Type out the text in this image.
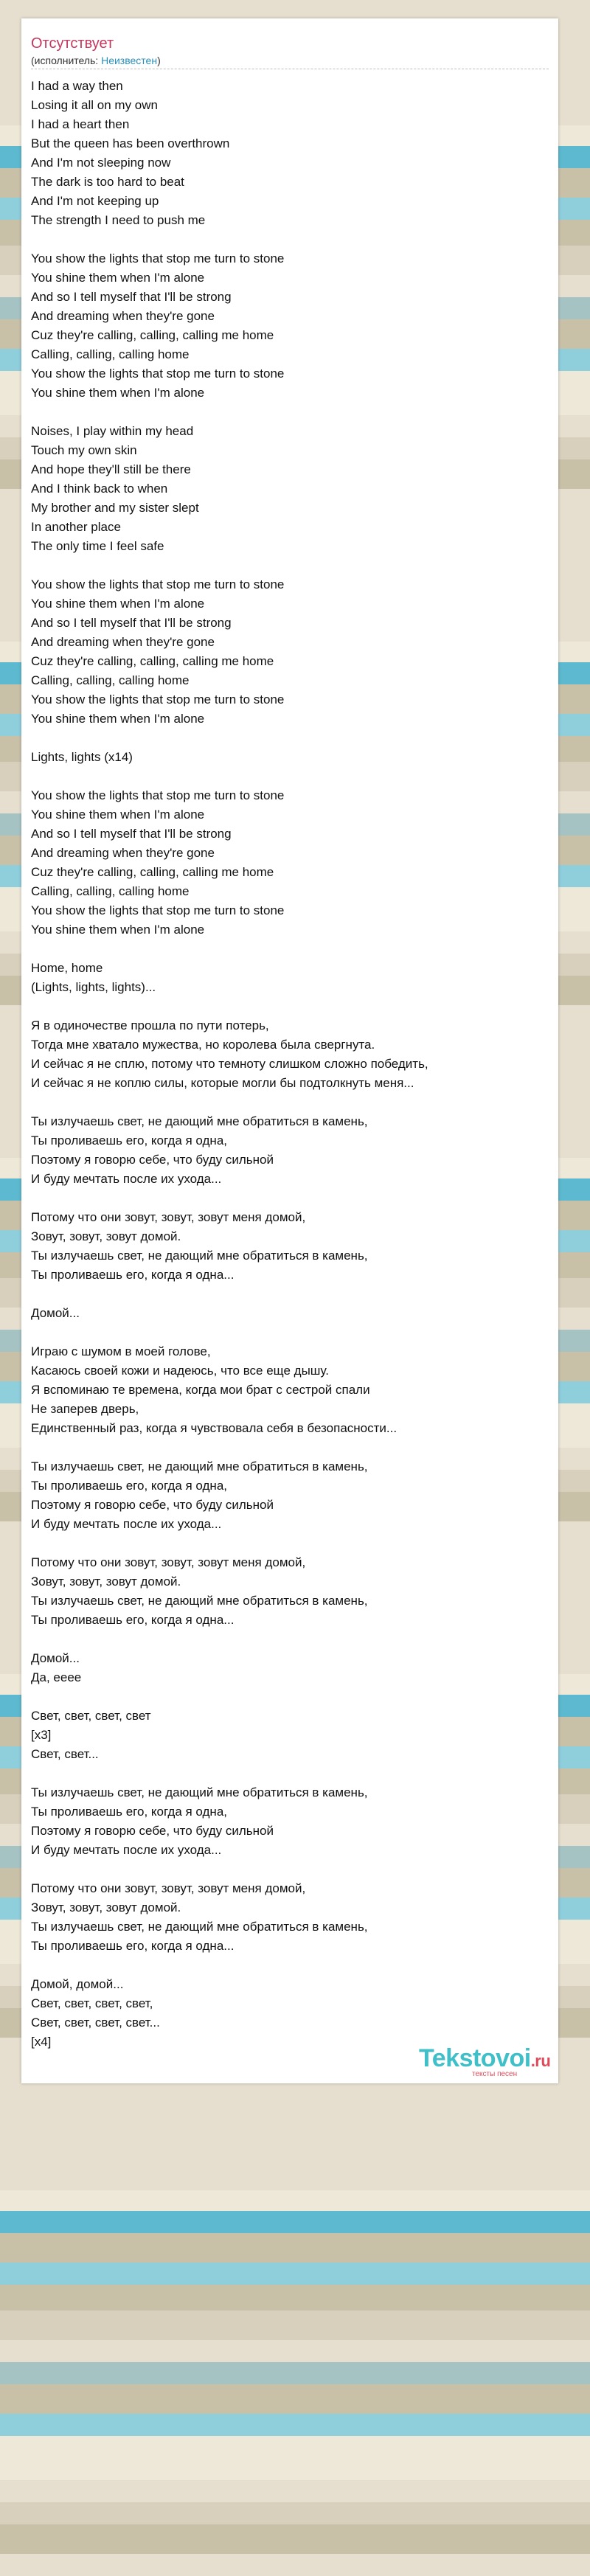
Отсутствует
(исполнитель: Неизвестен)
I had a way then
Losing it all on my own
I had a heart then
But the queen has been overthrown
And I'm not sleeping now
The dark is too hard to beat
And I'm not keeping up
The strength I need to push me
You show the lights that stop me turn to stone
You shine them when I'm alone
And so I tell myself that I'll be strong
And dreaming when they're gone
Cuz they're calling, calling, calling me home
Calling, calling, calling home
You show the lights that stop me turn to stone
You shine them when I'm alone
Noises, I play within my head
Touch my own skin
And hope they'll still be there
And I think back to when
My brother and my sister slept
In another place
The only time I feel safe
You show the lights that stop me turn to stone
You shine them when I'm alone
And so I tell myself that I'll be strong
And dreaming when they're gone
Cuz they're calling, calling, calling me home
Calling, calling, calling home
You show the lights that stop me turn to stone
You shine them when I'm alone
Lights, lights (x14)
You show the lights that stop me turn to stone
You shine them when I'm alone
And so I tell myself that I'll be strong
And dreaming when they're gone
Cuz they're calling, calling, calling me home
Calling, calling, calling home
You show the lights that stop me turn to stone
You shine them when I'm alone
Home, home
(Lights, lights, lights)...
Я в одиночестве прошла по пути потерь,
Тогда мне хватало мужества, но королева была свергнута.
И сейчас я не сплю, потому что темноту слишком сложно победить,
И сейчас я не коплю силы, которые могли бы подтолкнуть меня...
Ты излучаешь свет, не дающий мне обратиться в камень,
Ты проливаешь его, когда я одна,
Поэтому я говорю себе, что буду сильной
И буду мечтать после их ухода...
Потому что они зовут, зовут, зовут меня домой,
Зовут, зовут, зовут домой.
Ты излучаешь свет, не дающий мне обратиться в камень,
Ты проливаешь его, когда я одна...
Домой...
Играю с шумом в моей голове,
Касаюсь своей кожи и надеюсь, что все еще дышу.
Я вспоминаю те времена, когда мои брат с сестрой спали
Не заперев дверь,
Единственный раз, когда я чувствовала себя в безопасности...
Ты излучаешь свет, не дающий мне обратиться в камень,
Ты проливаешь его, когда я одна,
Поэтому я говорю себе, что буду сильной
И буду мечтать после их ухода...
Потому что они зовут, зовут, зовут меня домой,
Зовут, зовут, зовут домой.
Ты излучаешь свет, не дающий мне обратиться в камень,
Ты проливаешь его, когда я одна...
Домой...
Да, ееее
Свет, свет, свет, свет
[x3]
Свет, свет...
Ты излучаешь свет, не дающий мне обратиться в камень,
Ты проливаешь его, когда я одна,
Поэтому я говорю себе, что буду сильной
И буду мечтать после их ухода...
Потому что они зовут, зовут, зовут меня домой,
Зовут, зовут, зовут домой.
Ты излучаешь свет, не дающий мне обратиться в камень,
Ты проливаешь его, когда я одна...
Домой, домой...
Свет, свет, свет, свет,
Свет, свет, свет, свет...
[x4]
Tekstovoi.ru
тексты песен
